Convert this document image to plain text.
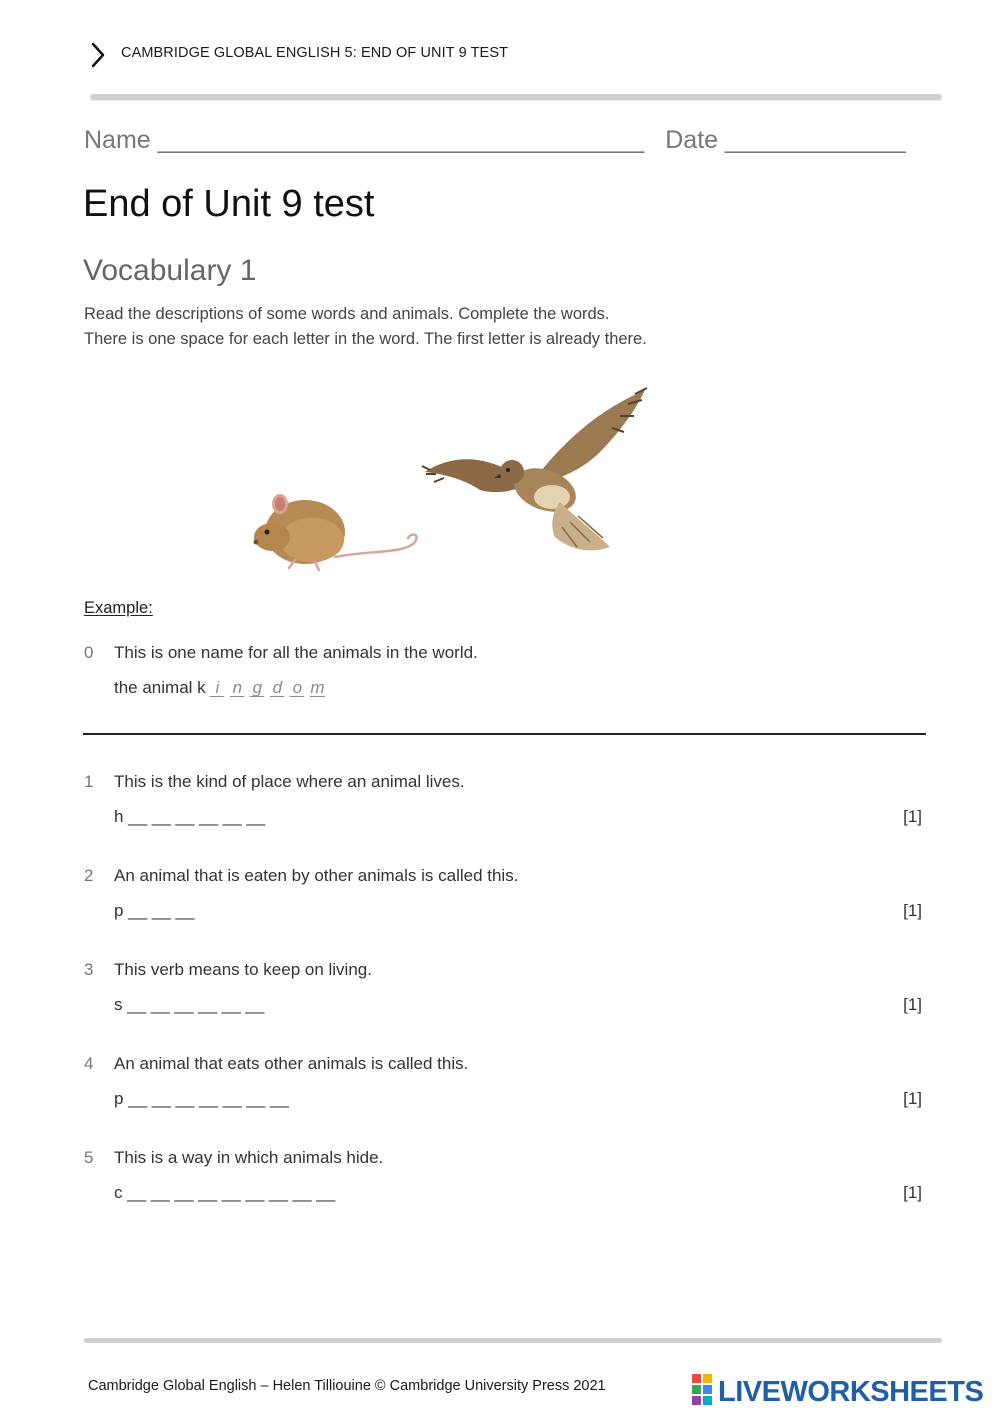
CAMBRIDGE GLOBAL ENGLISH 5: END OF UNIT 9 TEST
Name ___________________________________ Date _____________
End of Unit 9 test
Vocabulary 1
Read the descriptions of some words and animals. Complete the words.
There is one space for each letter in the word. The first letter is already there.
Example:
0 This is one name for all the animals in the world.
the animal k i n g d o m
1 This is the kind of place where an animal lives.
h __ __ __ __ __ __	[1]
2 An animal that is eaten by other animals is called this.
p __ __ __	[1]
3 This verb means to keep on living.
s __ __ __ __ __ __	[1]
4 An animal that eats other animals is called this.
p __ __ __ __ __ __ __	[1]
5 This is a way in which animals hide.
c __ __ __ __ __ __ __ __ __	[1]
Cambridge Global English – Helen Tilliouine © Cambridge University Press 2021	LIVEWORKSHEETS
